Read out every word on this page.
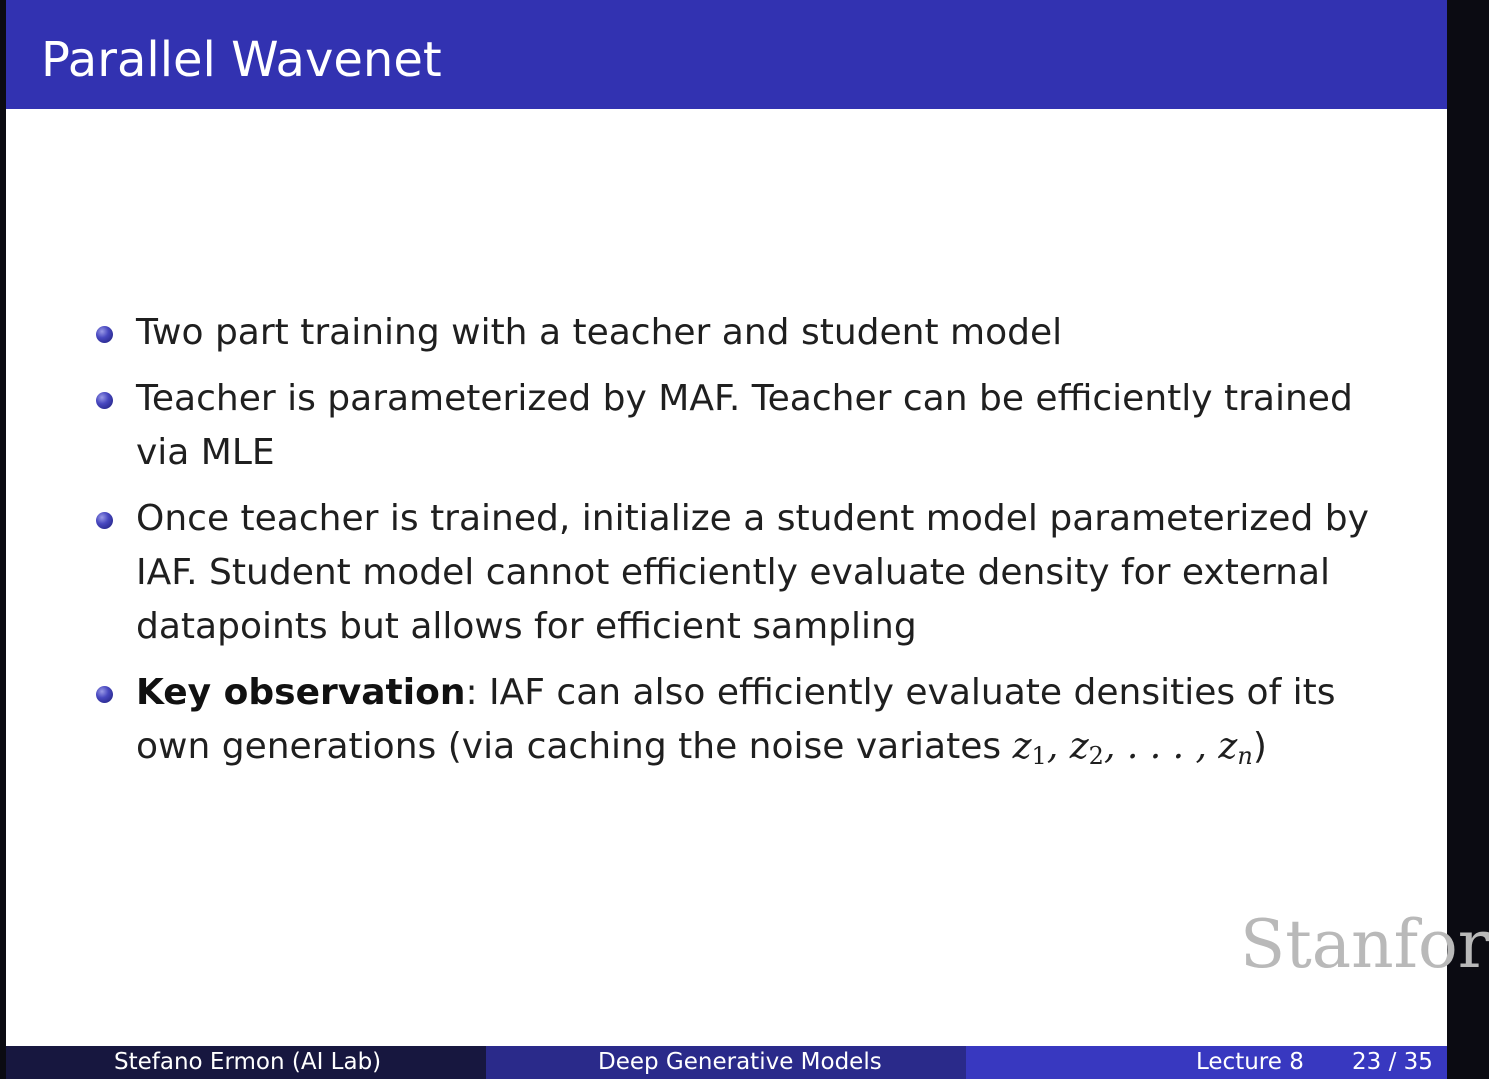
Parallel Wavenet
Two part training with a teacher and student model
Teacher is parameterized by MAF. Teacher can be efficiently trained via MLE
Once teacher is trained, initialize a student model parameterized by IAF. Student model cannot efficiently evaluate density for external datapoints but allows for efficient sampling
Key observation: IAF can also efficiently evaluate densities of its own generations (via caching the noise variates $z_1$, $z_2$, . . . , $z_n$)
Stanfor
Stefano Ermon (AI Lab)	Deep Generative Models	Lecture 8 23 / 35
